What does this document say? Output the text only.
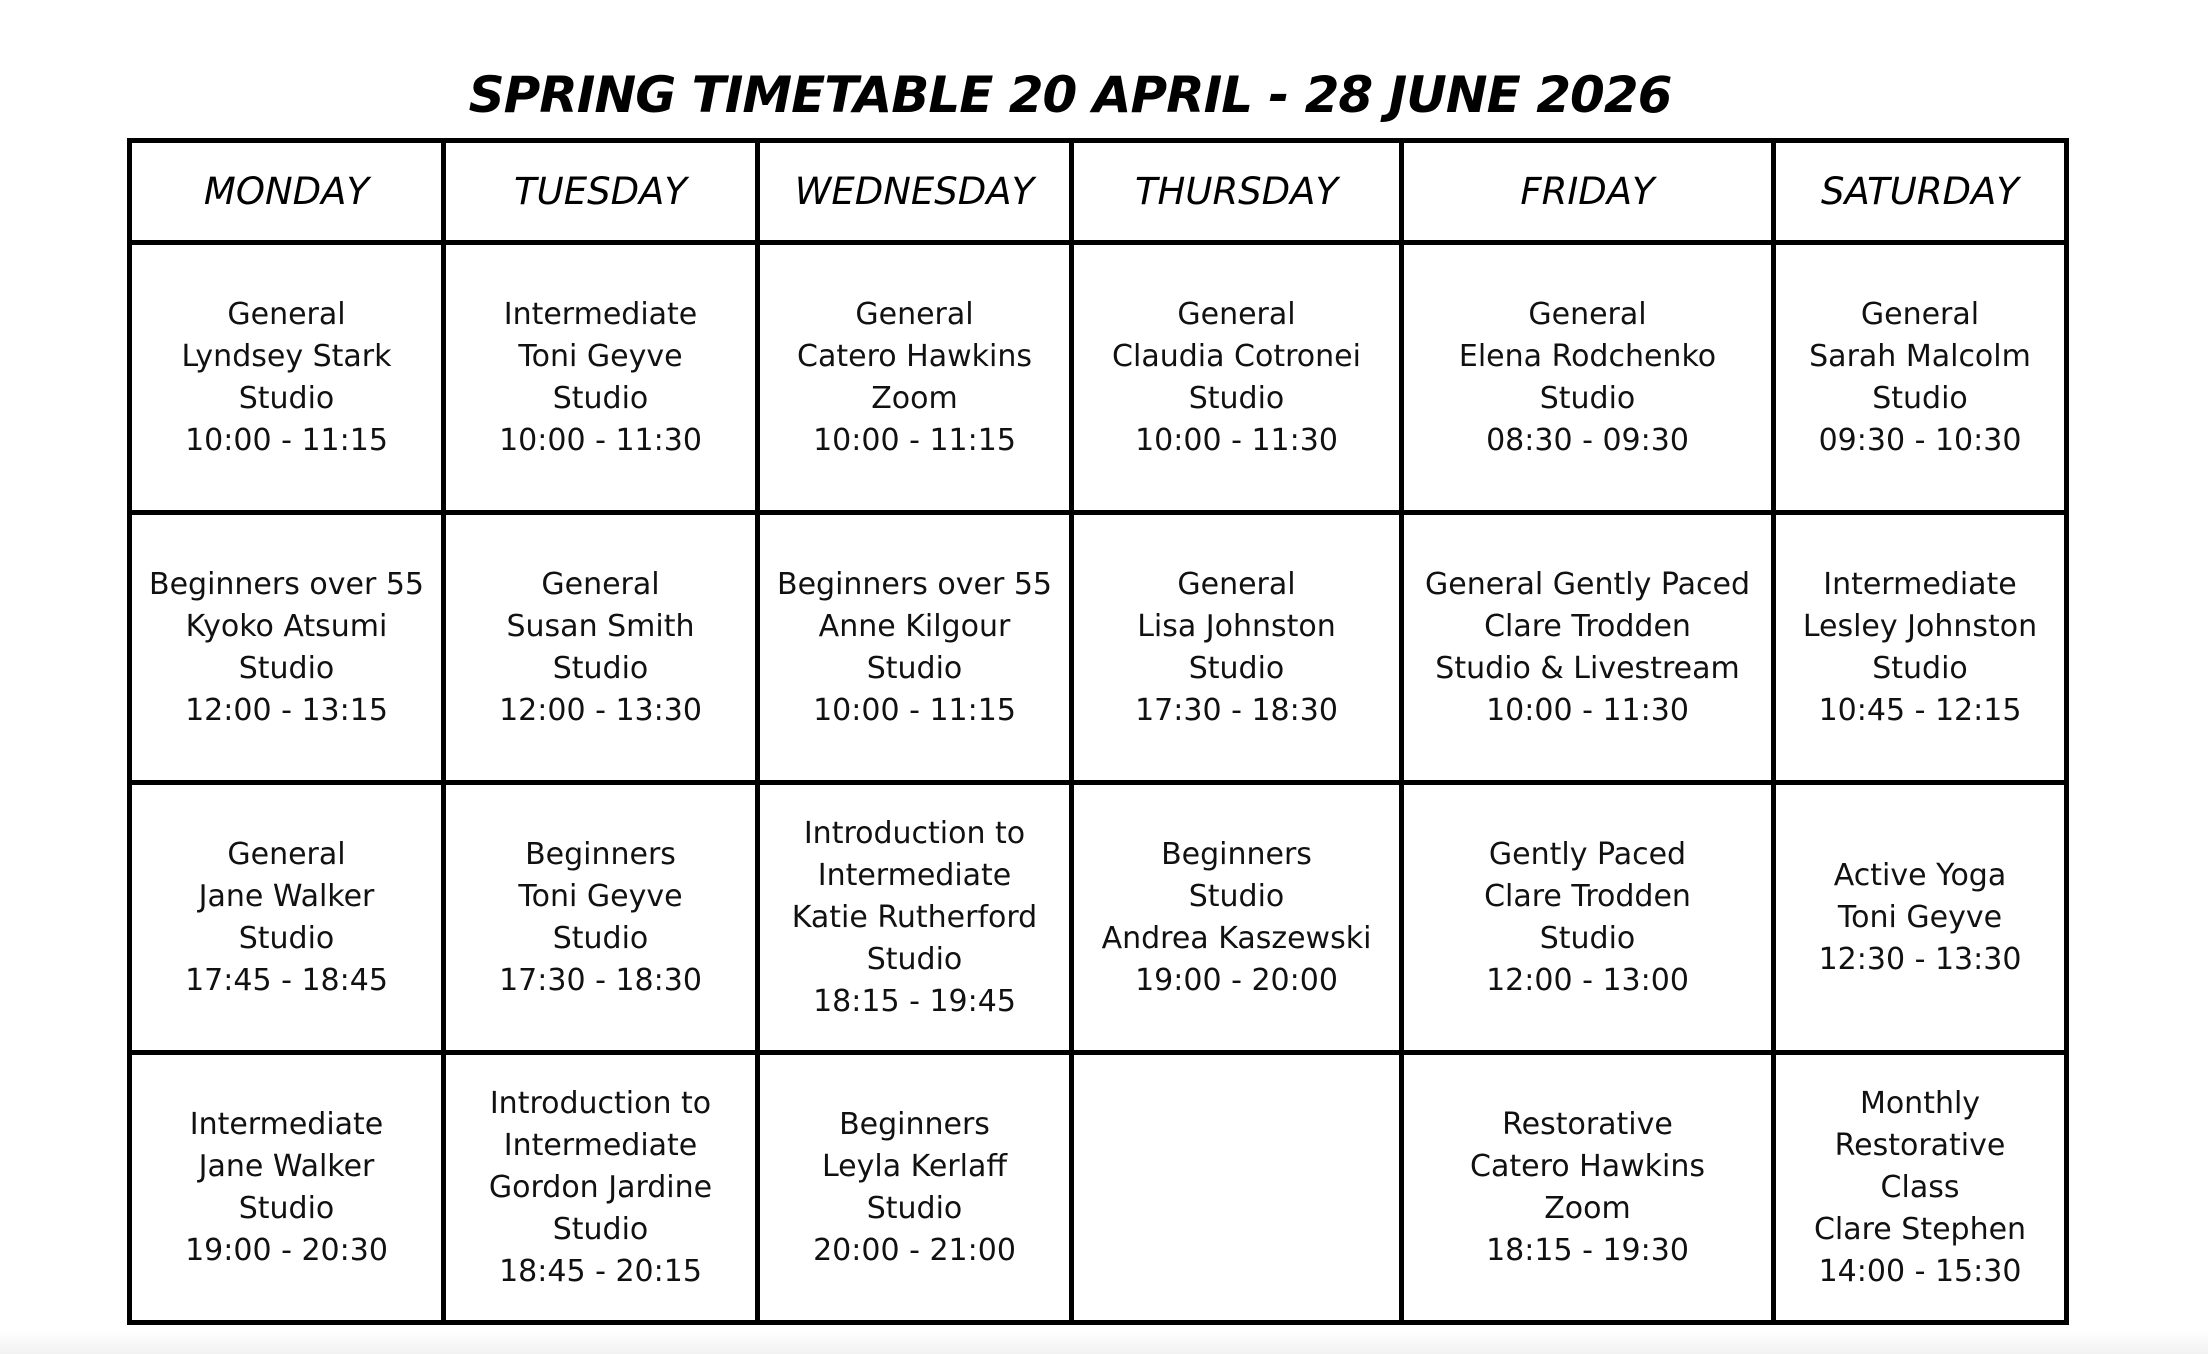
SPRING TIMETABLE 20 APRIL - 28 JUNE 2026
MONDAY	TUESDAY	WEDNESDAY	THURSDAY	FRIDAY	SATURDAY

General
Lyndsey Stark
Studio
10:00 - 11:15	Intermediate
Toni Geyve
Studio
10:00 - 11:30	General
Catero Hawkins
Zoom
10:00 - 11:15	General
Claudia Cotronei
Studio
10:00 - 11:30	General
Elena Rodchenko
Studio
08:30 - 09:30	General
Sarah Malcolm
Studio
09:30 - 10:30

Beginners over 55
Kyoko Atsumi
Studio
12:00 - 13:15	General
Susan Smith
Studio
12:00 - 13:30	Beginners over 55
Anne Kilgour
Studio
10:00 - 11:15	General
Lisa Johnston
Studio
17:30 - 18:30	General Gently Paced
Clare Trodden
Studio & Livestream
10:00 - 11:30	Intermediate
Lesley Johnston
Studio
10:45 - 12:15

General
Jane Walker
Studio
17:45 - 18:45	Beginners
Toni Geyve
Studio
17:30 - 18:30	Introduction to
Intermediate
Katie Rutherford
Studio
18:15 - 19:45	Beginners
Studio
Andrea Kaszewski
19:00 - 20:00	Gently Paced
Clare Trodden
Studio
12:00 - 13:00	Active Yoga
Toni Geyve
12:30 - 13:30

Intermediate
Jane Walker
Studio
19:00 - 20:30	Introduction to
Intermediate
Gordon Jardine
Studio
18:45 - 20:15	Beginners
Leyla Kerlaff
Studio
20:00 - 21:00		Restorative
Catero Hawkins
Zoom
18:15 - 19:30	Monthly
Restorative
Class
Clare Stephen
14:00 - 15:30
